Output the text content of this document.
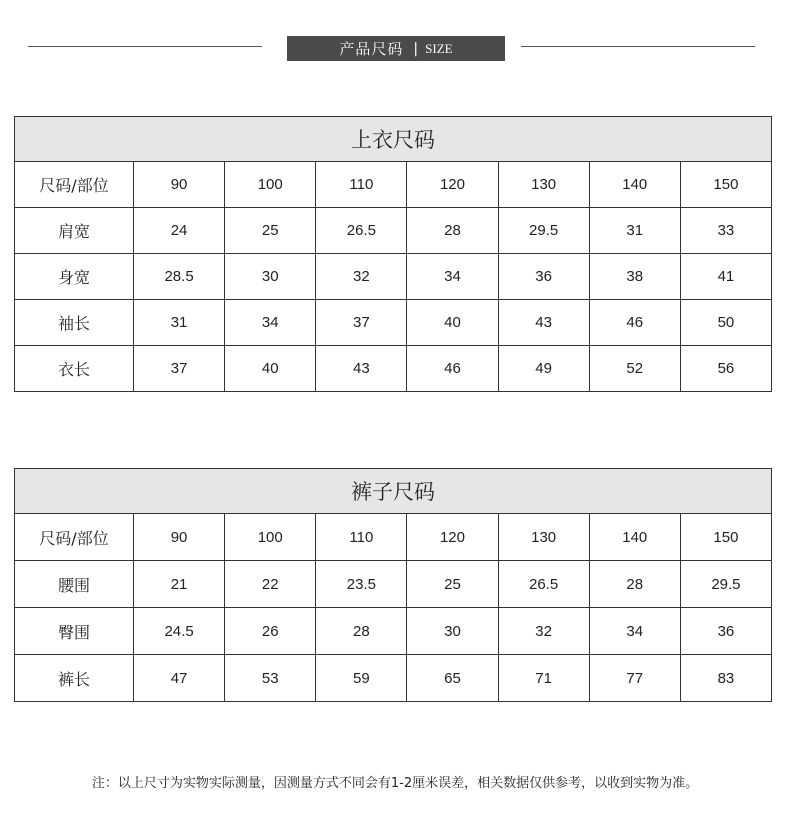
产品尺码 | SIZE
上衣尺码							
尺码/部位	90	100	110	120	130	140	150
肩宽	24	25	26.5	28	29.5	31	33
身宽	28.5	30	32	34	36	38	41
袖长	31	34	37	40	43	46	50
衣长	37	40	43	46	49	52	56
裤子尺码							
尺码/部位	90	100	110	120	130	140	150
腰围	21	22	23.5	25	26.5	28	29.5
臀围	24.5	26	28	30	32	34	36
裤长	47	53	59	65	71	77	83
注：以上尺寸为实物实际测量，因测量方式不同会有1-2厘米误差，相关数据仅供参考，以收到实物为准。
